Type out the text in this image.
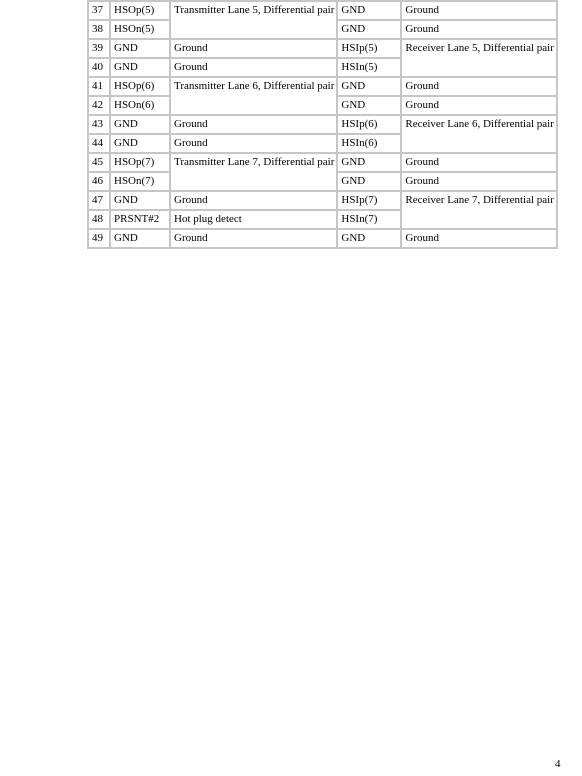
37	HSOp(5)	Transmitter Lane 5, Differential pair	GND	Ground
38	HSOn(5)		GND	Ground
39	GND	Ground	HSIp(5)	Receiver Lane 5, Differential pair
40	GND	Ground	HSIn(5)	
41	HSOp(6)	Transmitter Lane 6, Differential pair	GND	Ground
42	HSOn(6)		GND	Ground
43	GND	Ground	HSIp(6)	Receiver Lane 6, Differential pair
44	GND	Ground	HSIn(6)	
45	HSOp(7)	Transmitter Lane 7, Differential pair	GND	Ground
46	HSOn(7)		GND	Ground
47	GND	Ground	HSIp(7)	Receiver Lane 7, Differential pair
48	PRSNT#2	Hot plug detect	HSIn(7)	
49	GND	Ground	GND	Ground
4
